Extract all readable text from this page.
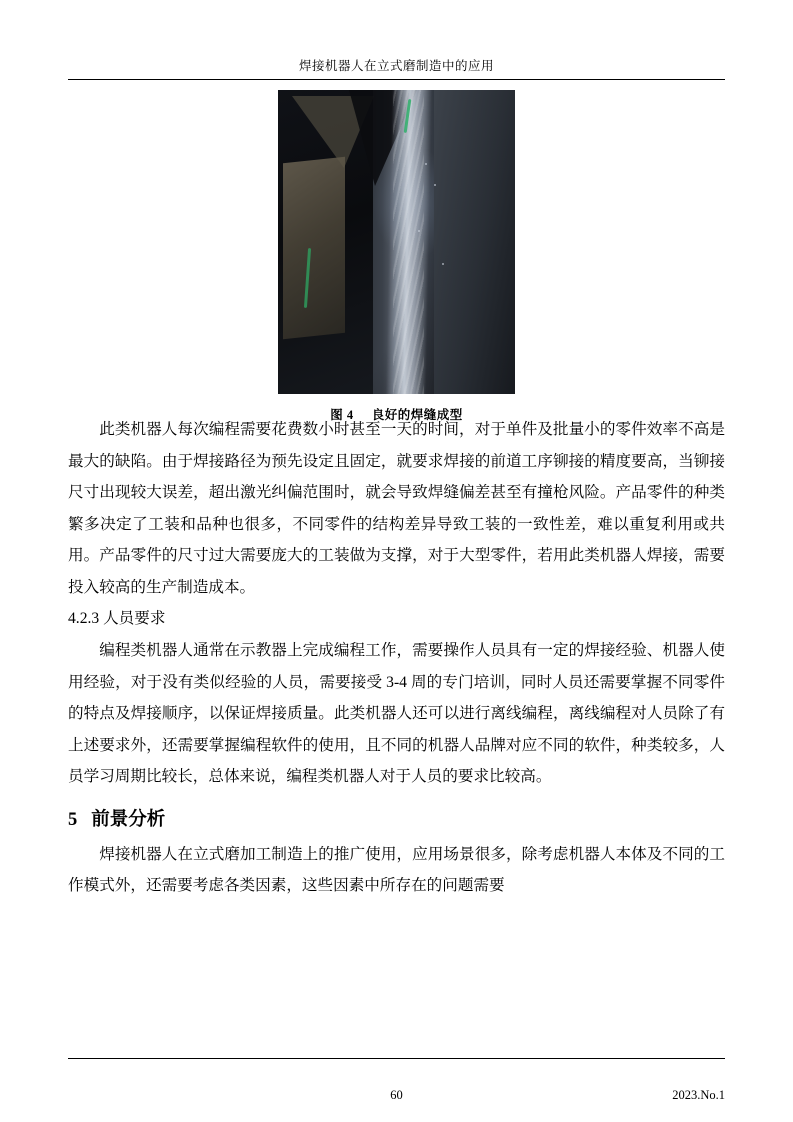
焊接机器人在立式磨制造中的应用
图 4 良好的焊缝成型

此类机器人每次编程需要花费数小时甚至一天的时间，对于单件及批量小的零件效率不高是最大的缺陷。由于焊接路径为预先设定且固定，就要求焊接的前道工序铆接的精度要高，当铆接尺寸出现较大误差，超出激光纠偏范围时，就会导致焊缝偏差甚至有撞枪风险。产品零件的种类繁多决定了工装和品种也很多，不同零件的结构差异导致工装的一致性差，难以重复利用或共用。产品零件的尺寸过大需要庞大的工装做为支撑，对于大型零件，若用此类机器人焊接，需要投入较高的生产制造成本。

4.2.3 人员要求

编程类机器人通常在示教器上完成编程工作，需要操作人员具有一定的焊接经验、机器人使用经验，对于没有类似经验的人员，需要接受 3-4 周的专门培训，同时人员还需要掌握不同零件的特点及焊接顺序，以保证焊接质量。此类机器人还可以进行离线编程，离线编程对人员除了有上述要求外，还需要掌握编程软件的使用，且不同的机器人品牌对应不同的软件，种类较多，人员学习周期比较长，总体来说，编程类机器人对于人员的要求比较高。

5 前景分析

焊接机器人在立式磨加工制造上的推广使用，应用场景很多，除考虑机器人本体及不同的工作模式外，还需要考虑各类因素，这些因素中所存在的问题需要

60	2023.No.1
